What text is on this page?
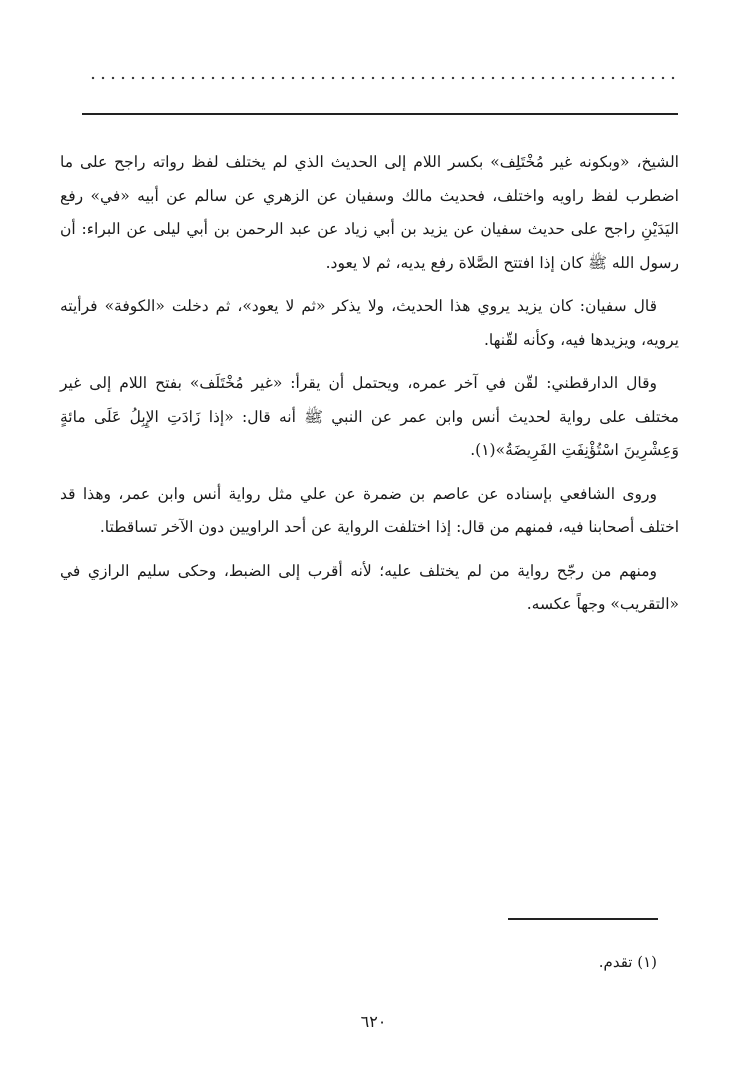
الشيخ، «وبكونه غير مُخْتَلِف» بكسر اللام إلى الحديث الذي لم يختلف لفظ رواته راجح على ما اضطرب لفظ راويه واختلف، فحديث مالك وسفيان عن الزهري عن سالم عن أبيه «في» رفع اليَدَيْنِ راجح على حديث سفيان عن يزيد بن أبي زياد عن عبد الرحمن بن أبي ليلى عن البراء: أن رسول الله ﷺ كان إذا افتتح الصَّلاة رفع يديه، ثم لا يعود.

قال سفيان: كان يزيد يروي هذا الحديث، ولا يذكر «ثم لا يعود»، ثم دخلت «الكوفة» فرأيته يرويه، ويزيدها فيه، وكأنه لقّنها.

وقال الدارقطني: لقّن في آخر عمره، ويحتمل أن يقرأ: «غير مُخْتَلَف» بفتح اللام إلى غير مختلف على رواية لحديث أنس وابن عمر عن النبي ﷺ أنه قال: «إذا زَادَتِ الإِبِلُ عَلَى مائةٍ وَعِشْرِينَ اسْتُؤْنِفَتِ الفَرِيضَةُ»(١).

وروى الشافعي بإسناده عن عاصم بن ضمرة عن علي مثل رواية أنس وابن عمر، وهذا قد اختلف أصحابنا فيه، فمنهم من قال: إذا اختلفت الرواية عن أحد الراويين دون الآخر تساقطتا.

ومنهم من رجّح رواية من لم يختلف عليه؛ لأنه أقرب إلى الضبط، وحكى سليم الرازي في «التقريب» وجهاً عكسه.

(١) تقدم.
٦٢٠
